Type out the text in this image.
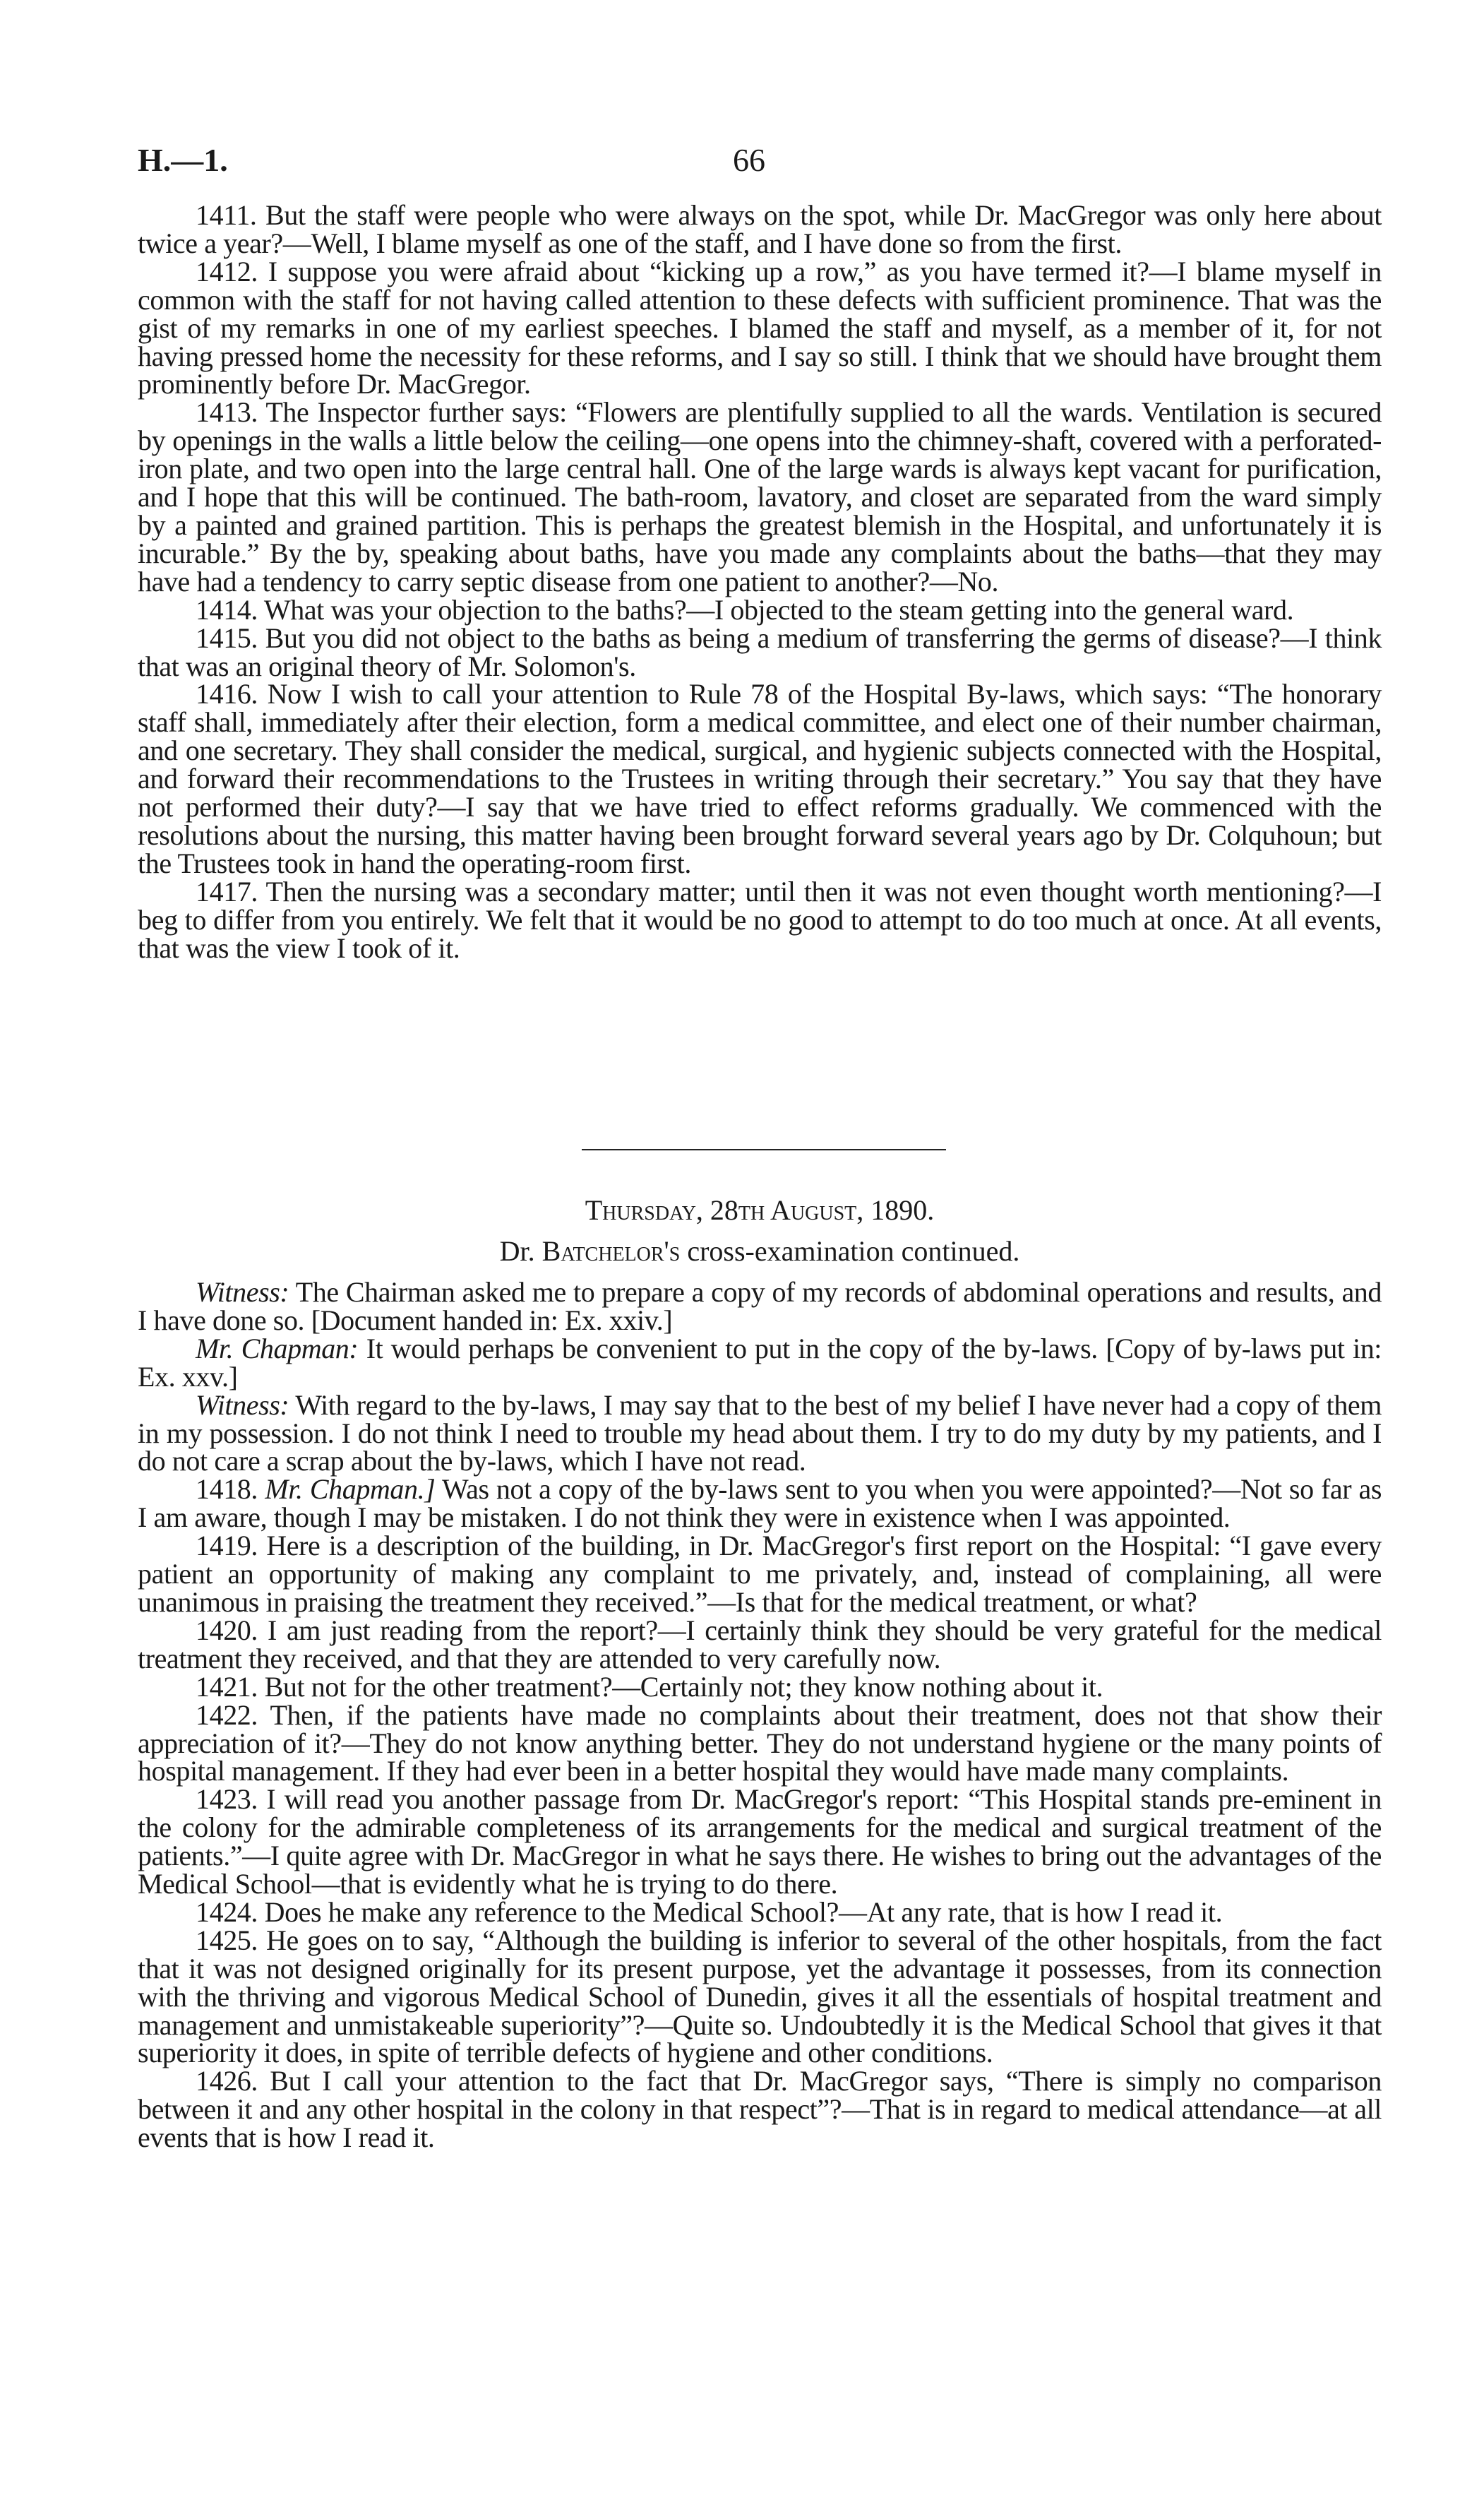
H.—1.	66

1411. But the staff were people who were always on the spot, while Dr. MacGregor was only here about twice a year?—Well, I blame myself as one of the staff, and I have done so from the first.

1412. I suppose you were afraid about “kicking up a row,” as you have termed it?—I blame myself in common with the staff for not having called attention to these defects with sufficient prominence. That was the gist of my remarks in one of my earliest speeches. I blamed the staff and myself, as a member of it, for not having pressed home the necessity for these reforms, and I say so still. I think that we should have brought them prominently before Dr. MacGregor.

1413. The Inspector further says: “Flowers are plentifully supplied to all the wards. Ventilation is secured by openings in the walls a little below the ceiling—one opens into the chimney-shaft, covered with a perforated-iron plate, and two open into the large central hall. One of the large wards is always kept vacant for purification, and I hope that this will be continued. The bath-room, lavatory, and closet are separated from the ward simply by a painted and grained partition. This is perhaps the greatest blemish in the Hospital, and unfortunately it is incurable.” By the by, speaking about baths, have you made any complaints about the baths—that they may have had a tendency to carry septic disease from one patient to another?—No.

1414. What was your objection to the baths?—I objected to the steam getting into the general ward.

1415. But you did not object to the baths as being a medium of transferring the germs of disease?—I think that was an original theory of Mr. Solomon's.

1416. Now I wish to call your attention to Rule 78 of the Hospital By-laws, which says: “The honorary staff shall, immediately after their election, form a medical committee, and elect one of their number chairman, and one secretary. They shall consider the medical, surgical, and hygienic subjects connected with the Hospital, and forward their recommendations to the Trustees in writing through their secretary.” You say that they have not performed their duty?—I say that we have tried to effect reforms gradually. We commenced with the resolutions about the nursing, this matter having been brought forward several years ago by Dr. Colquhoun; but the Trustees took in hand the operating-room first.

1417. Then the nursing was a secondary matter; until then it was not even thought worth mentioning?—I beg to differ from you entirely. We felt that it would be no good to attempt to do too much at once. At all events, that was the view I took of it.

Thursday, 28th August, 1890.
Dr. Batchelor's cross-examination continued.

Witness: The Chairman asked me to prepare a copy of my records of abdominal operations and results, and I have done so. [Document handed in: Ex. xxiv.]

Mr. Chapman: It would perhaps be convenient to put in the copy of the by-laws. [Copy of by-laws put in: Ex. xxv.]

Witness: With regard to the by-laws, I may say that to the best of my belief I have never had a copy of them in my possession. I do not think I need to trouble my head about them. I try to do my duty by my patients, and I do not care a scrap about the by-laws, which I have not read.

1418. Mr. Chapman.] Was not a copy of the by-laws sent to you when you were appointed?—Not so far as I am aware, though I may be mistaken. I do not think they were in existence when I was appointed.

1419. Here is a description of the building, in Dr. MacGregor's first report on the Hospital: “I gave every patient an opportunity of making any complaint to me privately, and, instead of complaining, all were unanimous in praising the treatment they received.”—Is that for the medical treatment, or what?

1420. I am just reading from the report?—I certainly think they should be very grateful for the medical treatment they received, and that they are attended to very carefully now.

1421. But not for the other treatment?—Certainly not; they know nothing about it.

1422. Then, if the patients have made no complaints about their treatment, does not that show their appreciation of it?—They do not know anything better. They do not understand hygiene or the many points of hospital management. If they had ever been in a better hospital they would have made many complaints.

1423. I will read you another passage from Dr. MacGregor's report: “This Hospital stands pre-eminent in the colony for the admirable completeness of its arrangements for the medical and surgical treatment of the patients.”—I quite agree with Dr. MacGregor in what he says there. He wishes to bring out the advantages of the Medical School—that is evidently what he is trying to do there.

1424. Does he make any reference to the Medical School?—At any rate, that is how I read it.

1425. He goes on to say, “Although the building is inferior to several of the other hospitals, from the fact that it was not designed originally for its present purpose, yet the advantage it possesses, from its connection with the thriving and vigorous Medical School of Dunedin, gives it all the essentials of hospital treatment and management and unmistakeable superiority”?—Quite so. Undoubtedly it is the Medical School that gives it that superiority it does, in spite of terrible defects of hygiene and other conditions.

1426. But I call your attention to the fact that Dr. MacGregor says, “There is simply no comparison between it and any other hospital in the colony in that respect”?—That is in regard to medical attendance—at all events that is how I read it.
